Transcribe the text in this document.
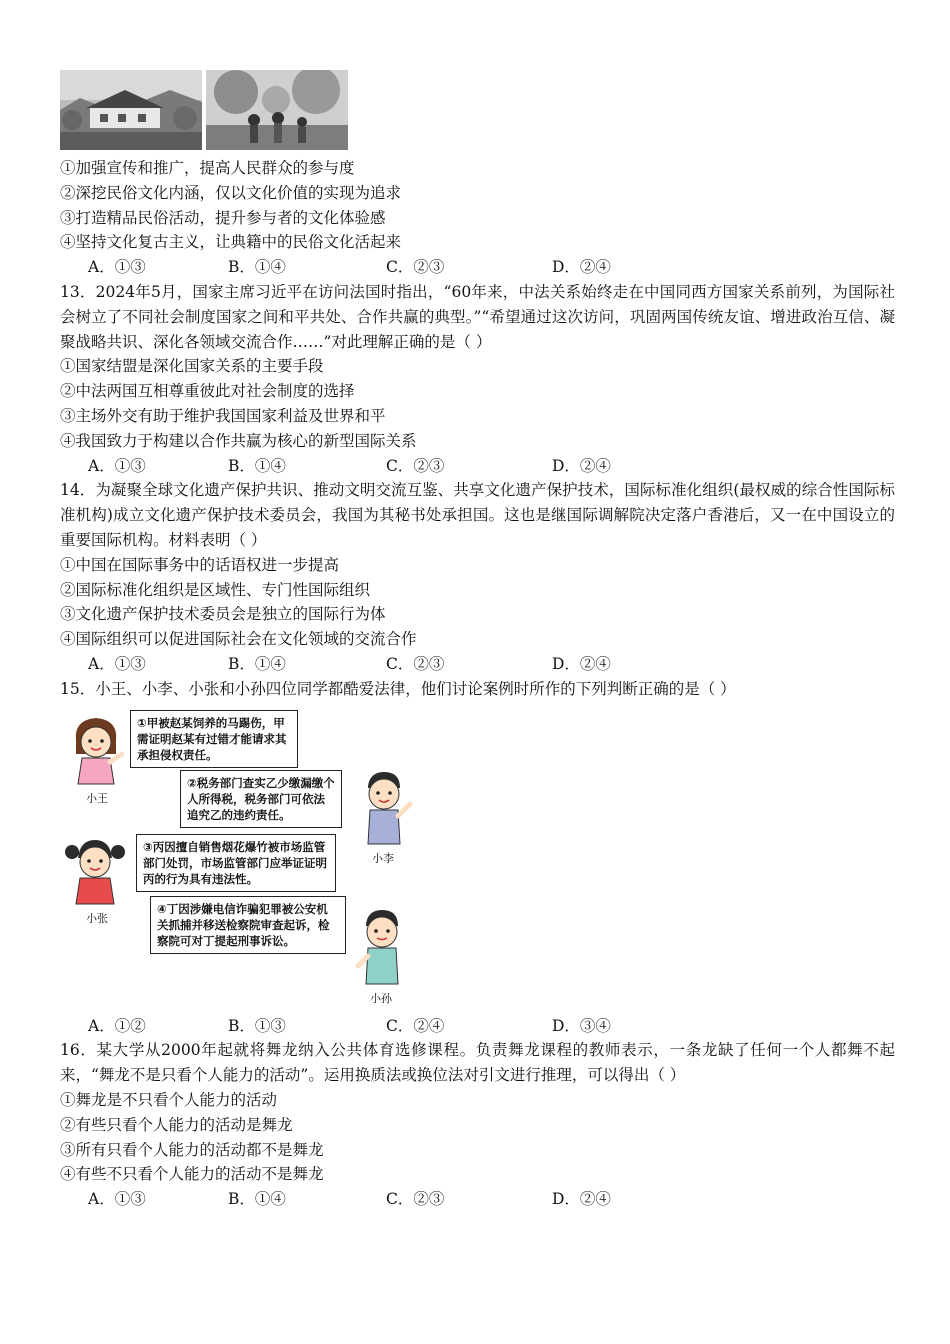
①加强宣传和推广，提高人民群众的参与度
②深挖民俗文化内涵，仅以文化价值的实现为追求
③打造精品民俗活动，提升参与者的文化体验感
④坚持文化复古主义，让典籍中的民俗文化活起来
A．①③	B．①④	C．②③	D．②④
13．2024年5月，国家主席习近平在访问法国时指出，“60年来，中法关系始终走在中国同西方国家关系前列，为国际社会树立了不同社会制度国家之间和平共处、合作共赢的典型。”“希望通过这次访问，巩固两国传统友谊、增进政治互信、凝聚战略共识、深化各领域交流合作……”对此理解正确的是（ ）
①国家结盟是深化国家关系的主要手段
②中法两国互相尊重彼此对社会制度的选择
③主场外交有助于维护我国国家利益及世界和平
④我国致力于构建以合作共赢为核心的新型国际关系
A．①③	B．①④	C．②③	D．②④
14．为凝聚全球文化遗产保护共识、推动文明交流互鉴、共享文化遗产保护技术，国际标准化组织(最权威的综合性国际标准机构)成立文化遗产保护技术委员会，我国为其秘书处承担国。这也是继国际调解院决定落户香港后，又一在中国设立的重要国际机构。材料表明（ ）
①中国在国际事务中的话语权进一步提高
②国际标准化组织是区域性、专门性国际组织
③文化遗产保护技术委员会是独立的国际行为体
④国际组织可以促进国际社会在文化领域的交流合作
A．①③	B．①④	C．②③	D．②④
15．小王、小李、小张和小孙四位同学都酷爱法律，他们讨论案例时所作的下列判断正确的是（ ）
小王
①甲被赵某饲养的马踢伤，甲需证明赵某有过错才能请求其承担侵权责任。
②税务部门查实乙少缴漏缴个人所得税，税务部门可依法追究乙的违约责任。
小李
小张
③丙因擅自销售烟花爆竹被市场监管部门处罚，市场监管部门应举证证明丙的行为具有违法性。
④丁因涉嫌电信诈骗犯罪被公安机关抓捕并移送检察院审查起诉，检察院可对丁提起刑事诉讼。
小孙
A．①②	B．①③	C．②④	D．③④
16．某大学从2000年起就将舞龙纳入公共体育选修课程。负责舞龙课程的教师表示，一条龙缺了任何一个人都舞不起来，“舞龙不是只看个人能力的活动”。运用换质法或换位法对引文进行推理，可以得出（ ）
①舞龙是不只看个人能力的活动
②有些只看个人能力的活动是舞龙
③所有只看个人能力的活动都不是舞龙
④有些不只看个人能力的活动不是舞龙
A．①③	B．①④	C．②③	D．②④
